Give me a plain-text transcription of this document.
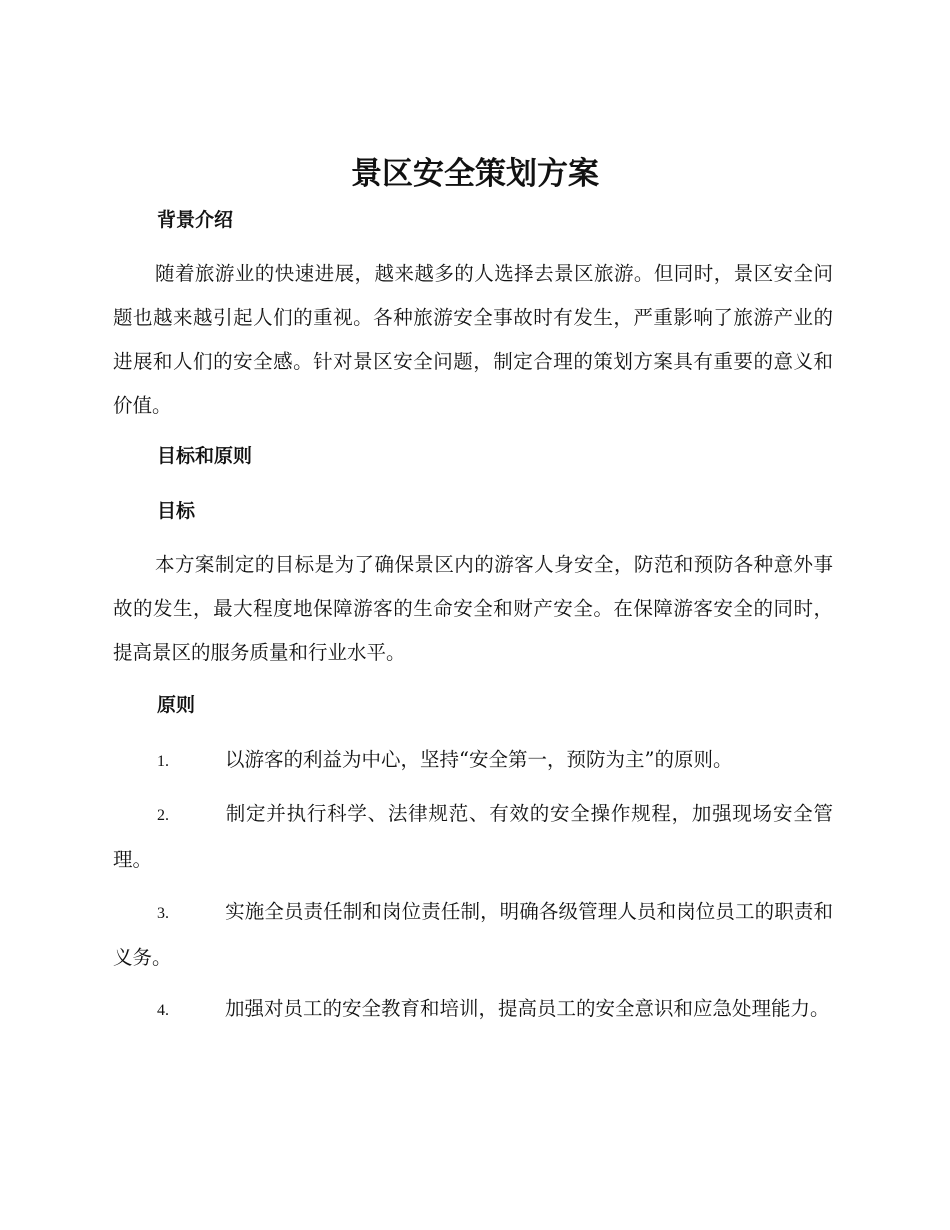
景区安全策划方案
背景介绍

随着旅游业的快速进展，越来越多的人选择去景区旅游。但同时，景区安全问题也越来越引起人们的重视。各种旅游安全事故时有发生，严重影响了旅游产业的进展和人们的安全感。针对景区安全问题，制定合理的策划方案具有重要的意义和价值。

目标和原则
目标

本方案制定的目标是为了确保景区内的游客人身安全，防范和预防各种意外事故的发生，最大程度地保障游客的生命安全和财产安全。在保障游客安全的同时，提高景区的服务质量和行业水平。

原则

1.	以游客的利益为中心，坚持“安全第一，预防为主”的原则。

2.	制定并执行科学、法律规范、有效的安全操作规程，加强现场安全管理。

3.	实施全员责任制和岗位责任制，明确各级管理人员和岗位员工的职责和义务。

4.	加强对员工的安全教育和培训，提高员工的安全意识和应急处理能力。
